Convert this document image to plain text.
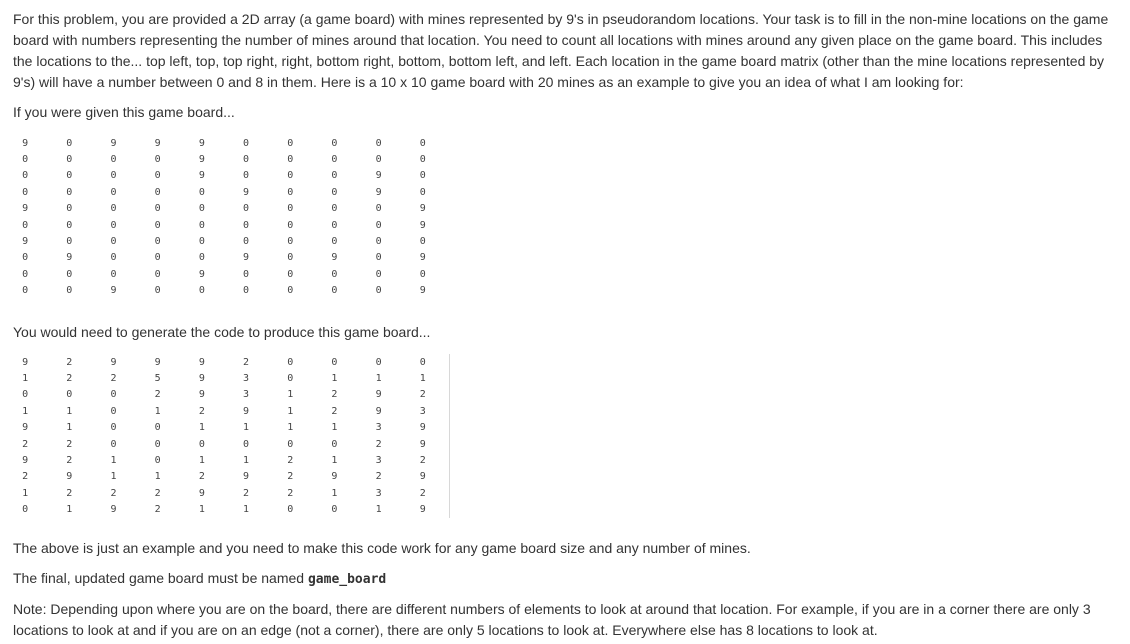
For this problem, you are provided a 2D array (a game board) with mines represented by 9's in pseudorandom locations. Your task is to fill in the non-mine locations on the game board with numbers representing the number of mines around that location. You need to count all locations with mines around any given place on the game board. This includes the locations to the... top left, top, top right, right, bottom right, bottom, bottom left, and left. Each location in the game board matrix (other than the mine locations represented by 9's) will have a number between 0 and 8 in them. Here is a 10 x 10 game board with 20 mines as an example to give you an idea of what I am looking for:

If you were given this game board...

9	0	9	9	9	0	0	0	0	0
0	0	0	0	9	0	0	0	0	0
0	0	0	0	9	0	0	0	9	0
0	0	0	0	0	9	0	0	9	0
9	0	0	0	0	0	0	0	0	9
0	0	0	0	0	0	0	0	0	9
9	0	0	0	0	0	0	0	0	0
0	9	0	0	0	9	0	9	0	9
0	0	0	0	9	0	0	0	0	0
0	0	9	0	0	0	0	0	0	9

You would need to generate the code to produce this game board...

9	2	9	9	9	2	0	0	0	0
1	2	2	5	9	3	0	1	1	1
0	0	0	2	9	3	1	2	9	2
1	1	0	1	2	9	1	2	9	3
9	1	0	0	1	1	1	1	3	9
2	2	0	0	0	0	0	0	2	9
9	2	1	0	1	1	2	1	3	2
2	9	1	1	2	9	2	9	2	9
1	2	2	2	9	2	2	1	3	2
0	1	9	2	1	1	0	0	1	9

The above is just an example and you need to make this code work for any game board size and any number of mines.

The final, updated game board must be named game_board

Note: Depending upon where you are on the board, there are different numbers of elements to look at around that location. For example, if you are in a corner there are only 3 locations to look at and if you are on an edge (not a corner), there are only 5 locations to look at. Everywhere else has 8 locations to look at.
